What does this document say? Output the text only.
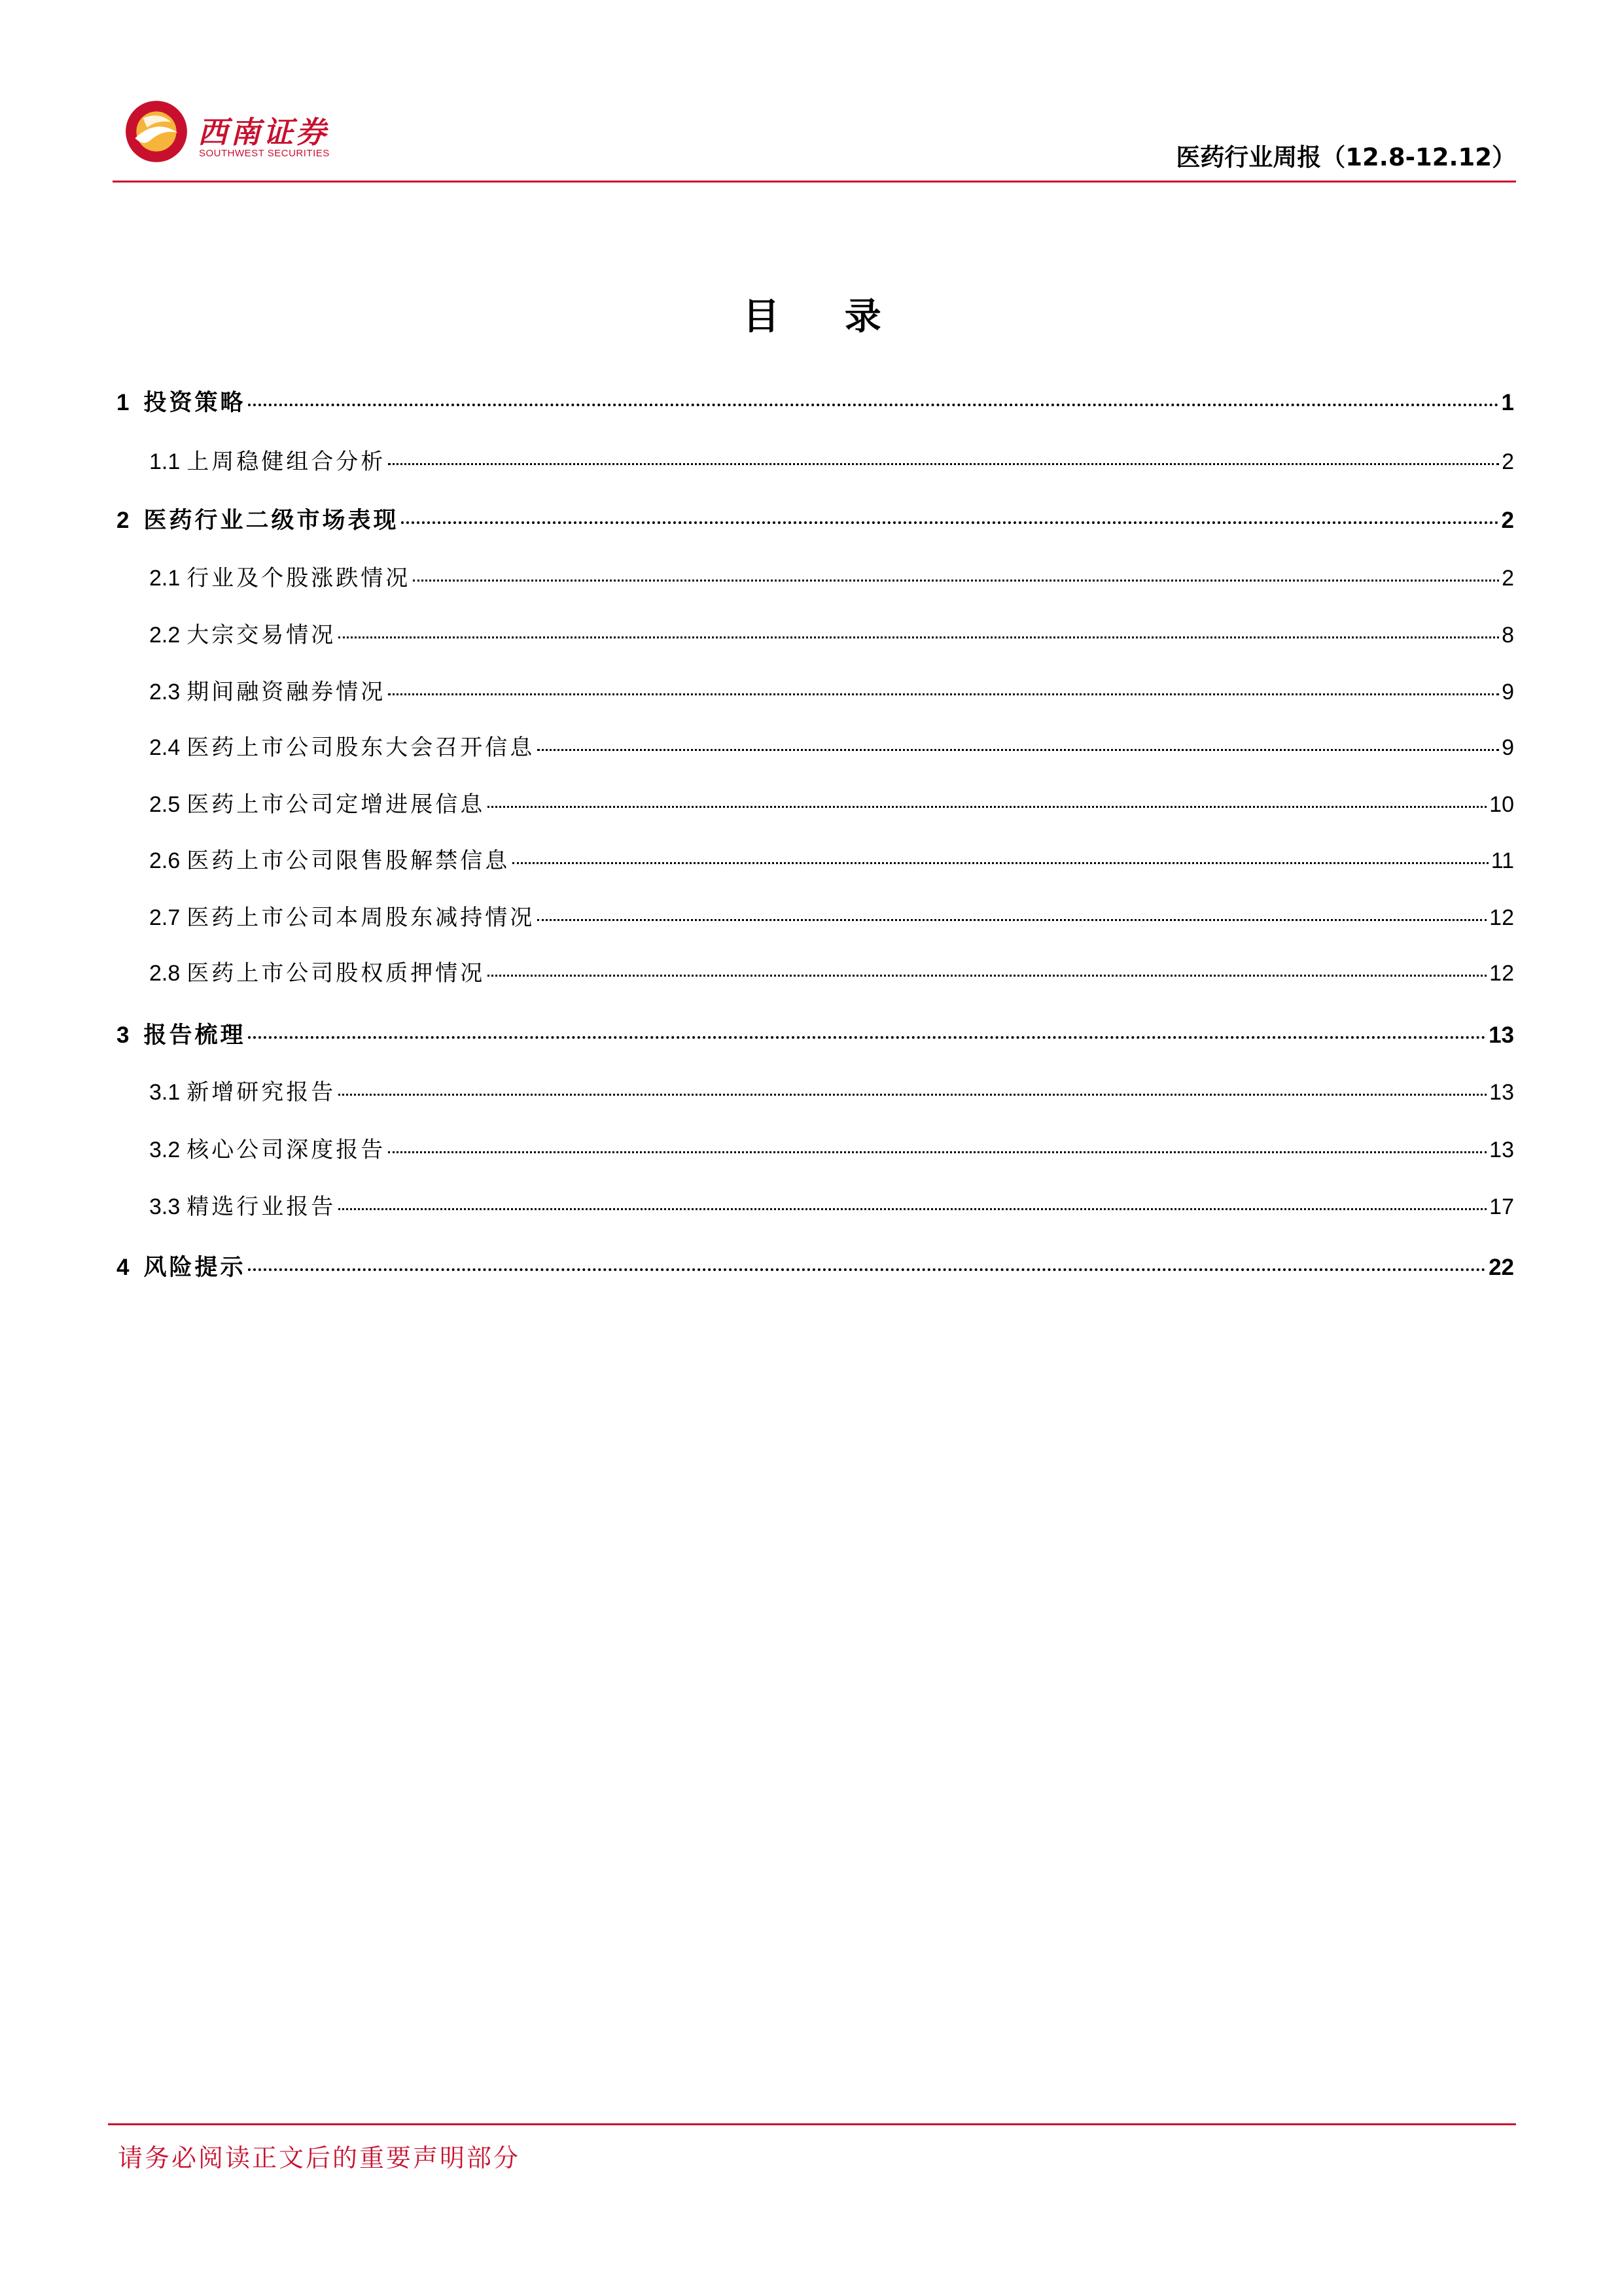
西南证券
SOUTHWEST SECURITIES	医药行业周报（12.8-12.12）
目 录
1 投资策略	1
1.1 上周稳健组合分析	2
2 医药行业二级市场表现	2
2.1 行业及个股涨跌情况	2
2.2 大宗交易情况	8
2.3 期间融资融券情况	9
2.4 医药上市公司股东大会召开信息	9
2.5 医药上市公司定增进展信息	10
2.6 医药上市公司限售股解禁信息	11
2.7 医药上市公司本周股东减持情况	12
2.8 医药上市公司股权质押情况	12
3 报告梳理	13
3.1 新增研究报告	13
3.2 核心公司深度报告	13
3.3 精选行业报告	17
4 风险提示	22
请务必阅读正文后的重要声明部分
